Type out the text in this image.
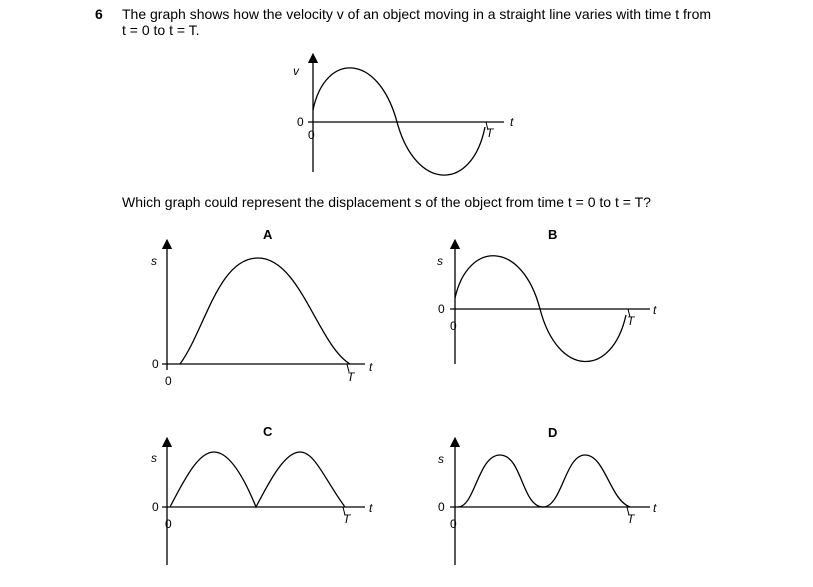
6 The graph shows how the velocity v of an object moving in a straight line varies with time t from
t = 0 to t = T.
Which graph could represent the displacement s of the object from time t = 0 to t = T?
A	B
C	D
v
0
0
t
T
s
0
0
t
T
s
0
0
t
T
s
0
0
t
T
s
0
0
t
T
